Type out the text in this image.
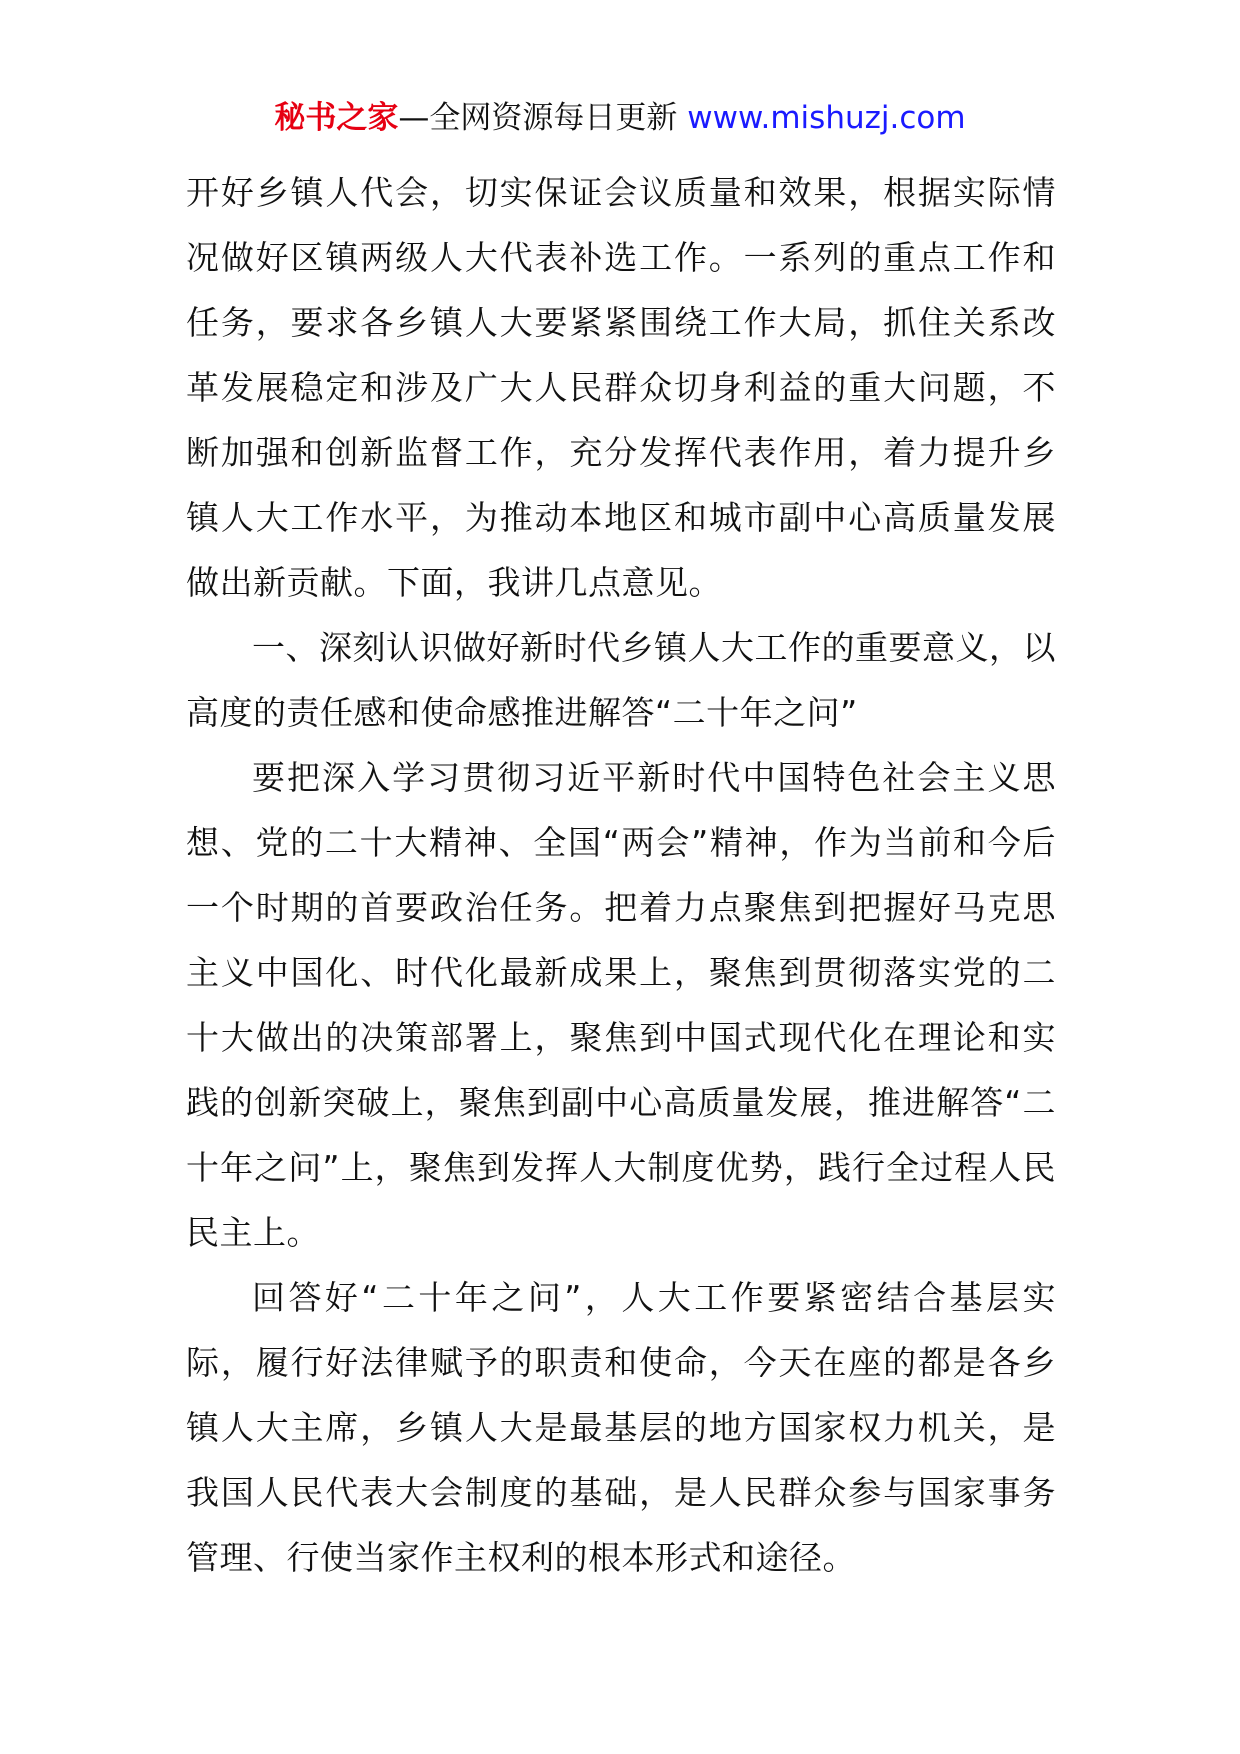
秘书之家—全网资源每日更新 www.mishuzj.com

开好乡镇人代会，切实保证会议质量和效果，根据实际情况做好区镇两级人大代表补选工作。一系列的重点工作和任务，要求各乡镇人大要紧紧围绕工作大局，抓住关系改革发展稳定和涉及广大人民群众切身利益的重大问题，不断加强和创新监督工作，充分发挥代表作用，着力提升乡镇人大工作水平，为推动本地区和城市副中心高质量发展做出新贡献。下面，我讲几点意见。

一、深刻认识做好新时代乡镇人大工作的重要意义，以高度的责任感和使命感推进解答“二十年之问”

要把深入学习贯彻习近平新时代中国特色社会主义思想、党的二十大精神、全国“两会”精神，作为当前和今后一个时期的首要政治任务。把着力点聚焦到把握好马克思主义中国化、时代化最新成果上，聚焦到贯彻落实党的二十大做出的决策部署上，聚焦到中国式现代化在理论和实践的创新突破上，聚焦到副中心高质量发展，推进解答“二十年之问”上，聚焦到发挥人大制度优势，践行全过程人民民主上。

回答好“二十年之问”，人大工作要紧密结合基层实际，履行好法律赋予的职责和使命，今天在座的都是各乡镇人大主席，乡镇人大是最基层的地方国家权力机关，是我国人民代表大会制度的基础，是人民群众参与国家事务管理、行使当家作主权利的根本形式和途径。
